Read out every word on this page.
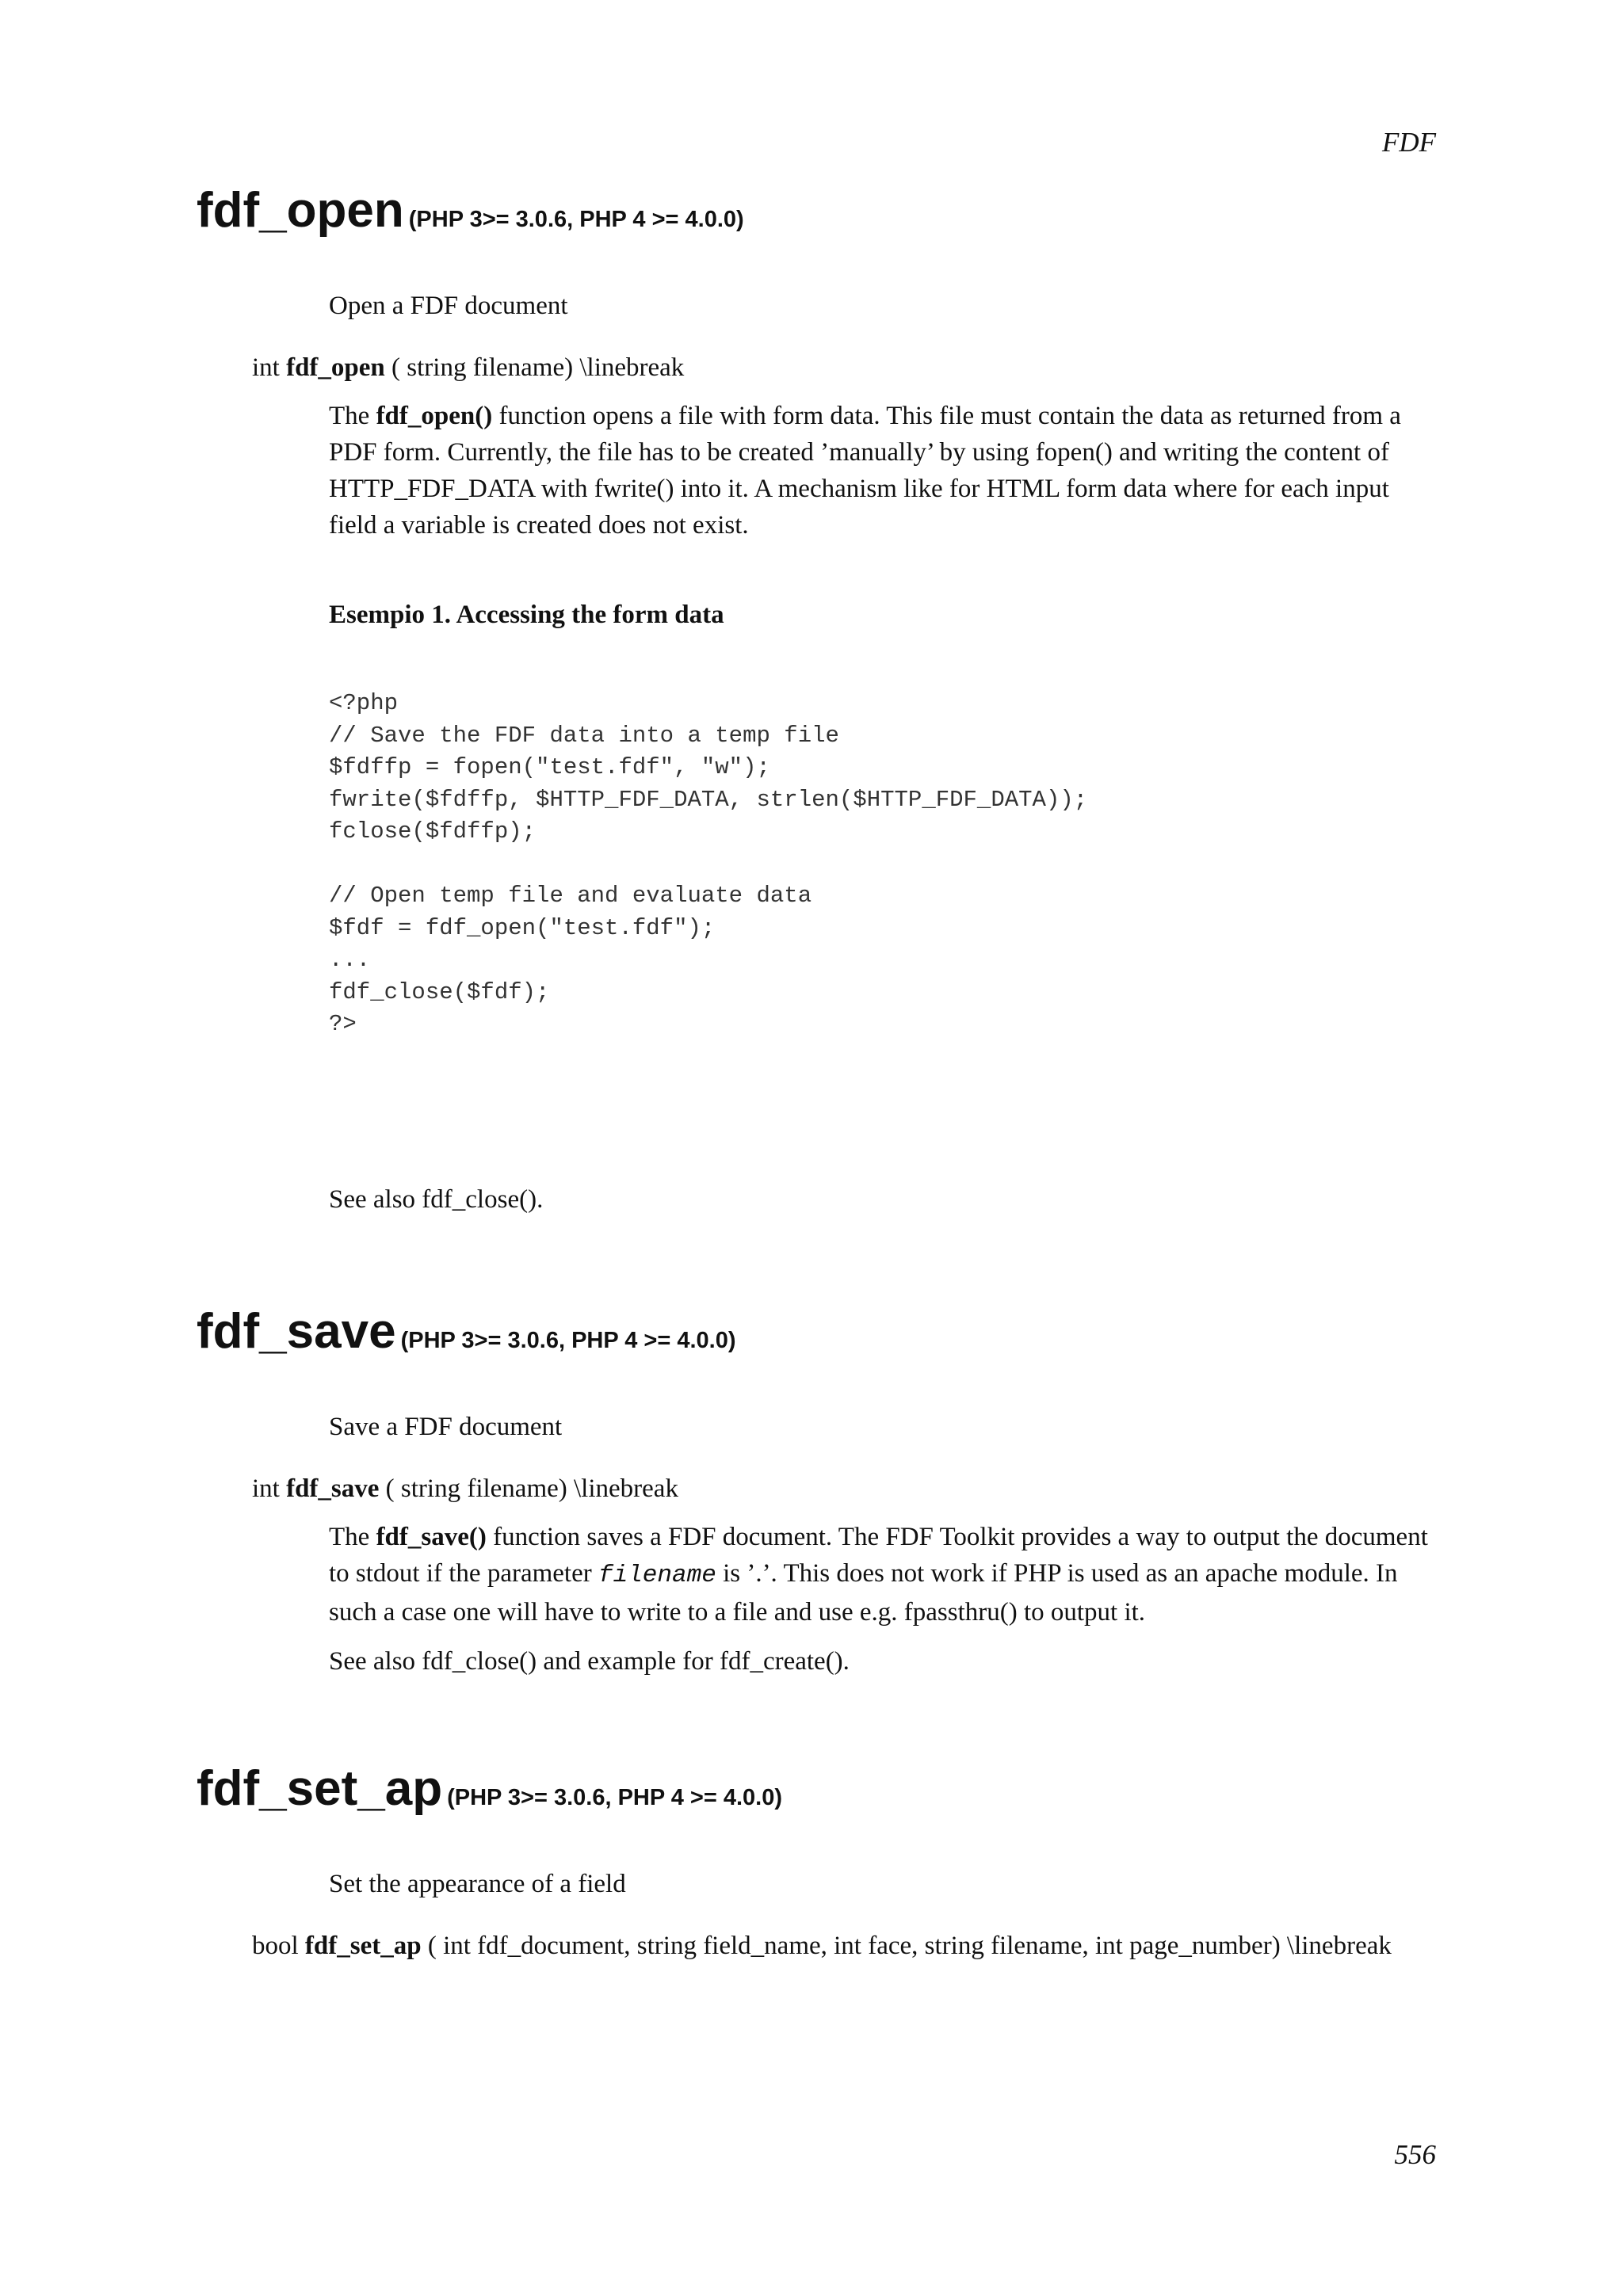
FDF
fdf_open (PHP 3>= 3.0.6, PHP 4 >= 4.0.0)
Open a FDF document
int fdf_open ( string filename) \linebreak

The fdf_open() function opens a file with form data. This file must contain the data as returned from a PDF form. Currently, the file has to be created ’manually’ by using fopen() and writing the content of HTTP_FDF_DATA with fwrite() into it. A mechanism like for HTML form data where for each input field a variable is created does not exist.

Esempio 1. Accessing the form data
<?php
// Save the FDF data into a temp file
$fdffp = fopen("test.fdf", "w");
fwrite($fdffp, $HTTP_FDF_DATA, strlen($HTTP_FDF_DATA));
fclose($fdffp);

// Open temp file and evaluate data
$fdf = fdf_open("test.fdf");
...
fdf_close($fdf);
?>
See also fdf_close().
fdf_save (PHP 3>= 3.0.6, PHP 4 >= 4.0.0)
Save a FDF document
int fdf_save ( string filename) \linebreak

The fdf_save() function saves a FDF document. The FDF Toolkit provides a way to output the document to stdout if the parameter filename is ’.’. This does not work if PHP is used as an apache module. In such a case one will have to write to a file and use e.g. fpassthru() to output it.

See also fdf_close() and example for fdf_create().
fdf_set_ap (PHP 3>= 3.0.6, PHP 4 >= 4.0.0)
Set the appearance of a field
bool fdf_set_ap ( int fdf_document, string field_name, int face, string filename, int page_number) \linebreak
556
